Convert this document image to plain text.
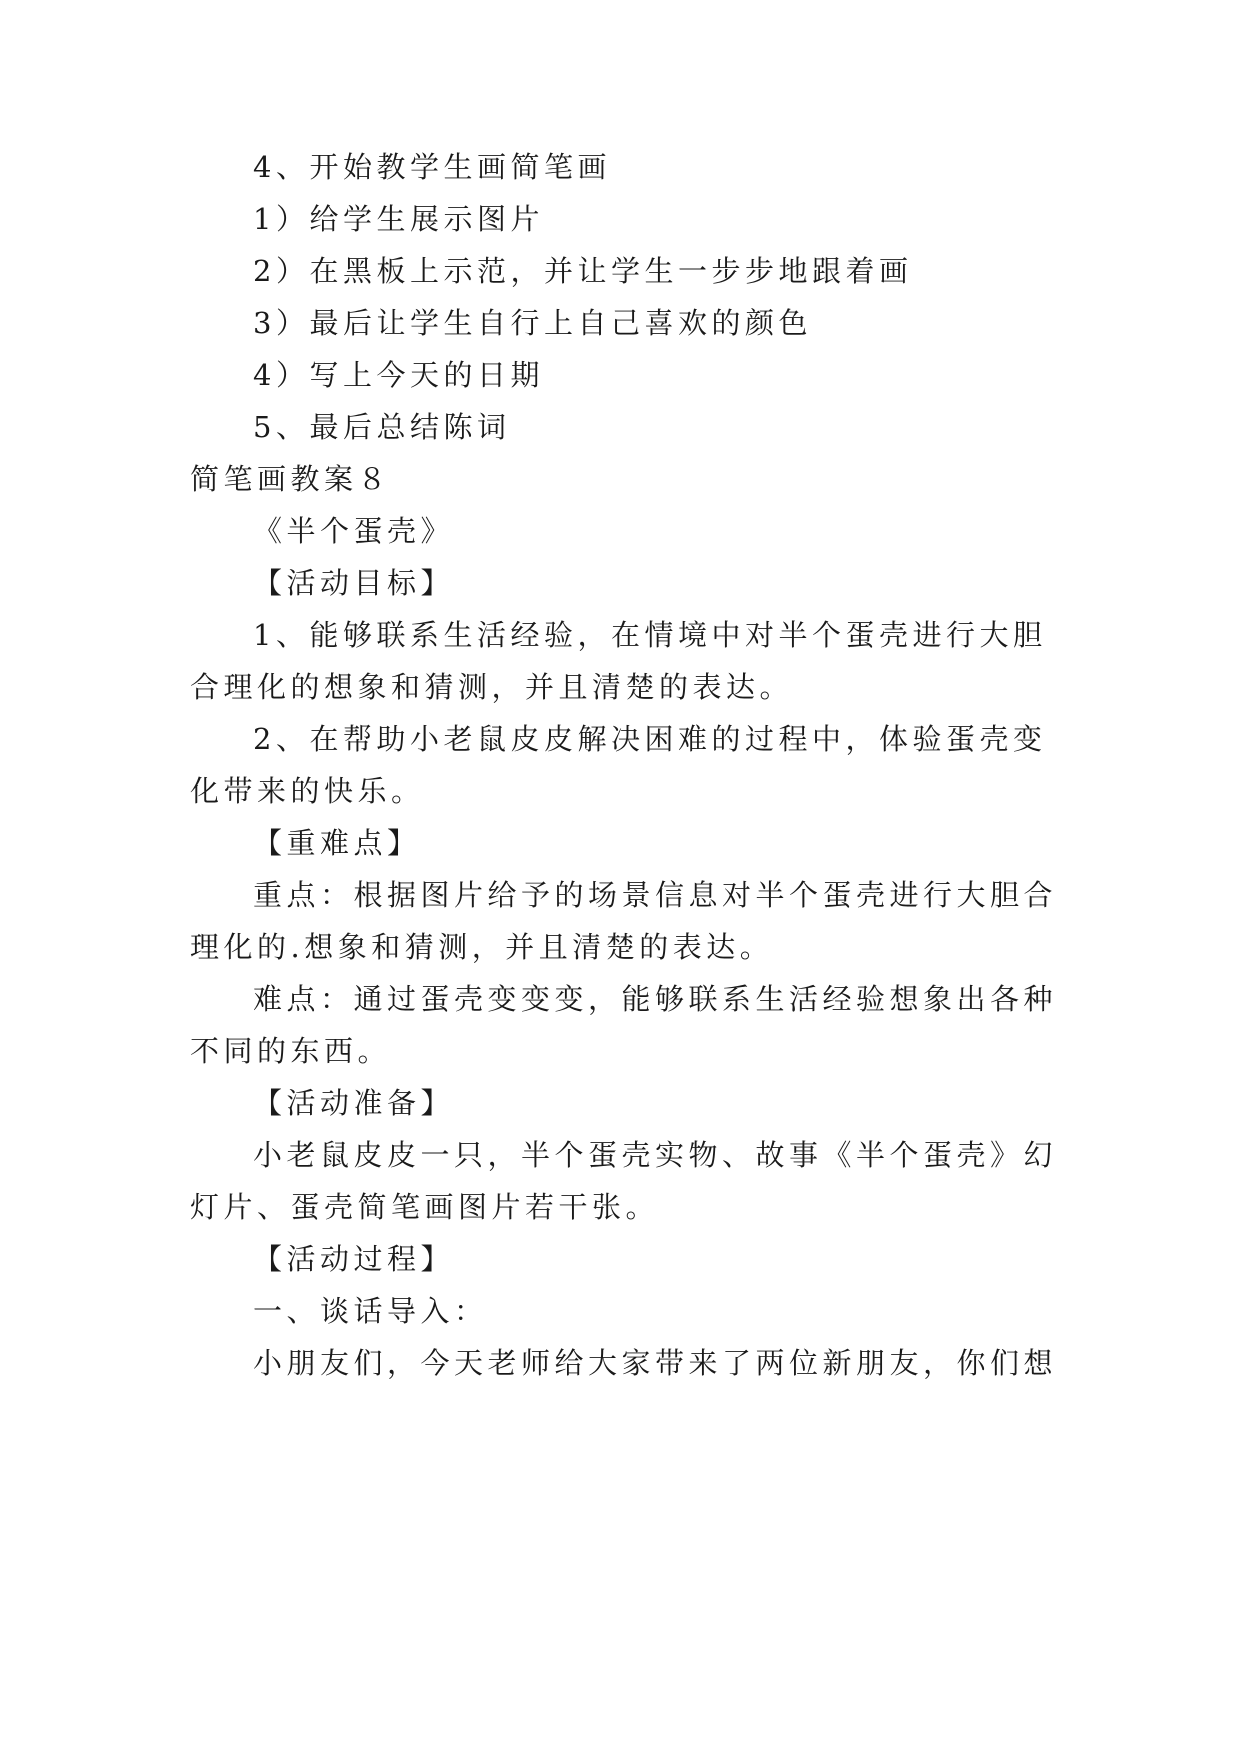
4、开始教学生画简笔画

1）给学生展示图片

2）在黑板上示范，并让学生一步步地跟着画

3）最后让学生自行上自己喜欢的颜色

4）写上今天的日期

5、最后总结陈词

简笔画教案８

《半个蛋壳》

【活动目标】

1、能够联系生活经验，在情境中对半个蛋壳进行大胆

合理化的想象和猜测，并且清楚的表达。

2、在帮助小老鼠皮皮解决困难的过程中，体验蛋壳变

化带来的快乐。

【重难点】

重点：根据图片给予的场景信息对半个蛋壳进行大胆合

理化的.想象和猜测，并且清楚的表达。

难点：通过蛋壳变变变，能够联系生活经验想象出各种

不同的东西。

【活动准备】

小老鼠皮皮一只，半个蛋壳实物、故事《半个蛋壳》幻

灯片、蛋壳简笔画图片若干张。

【活动过程】

一、谈话导入：

小朋友们，今天老师给大家带来了两位新朋友，你们想
